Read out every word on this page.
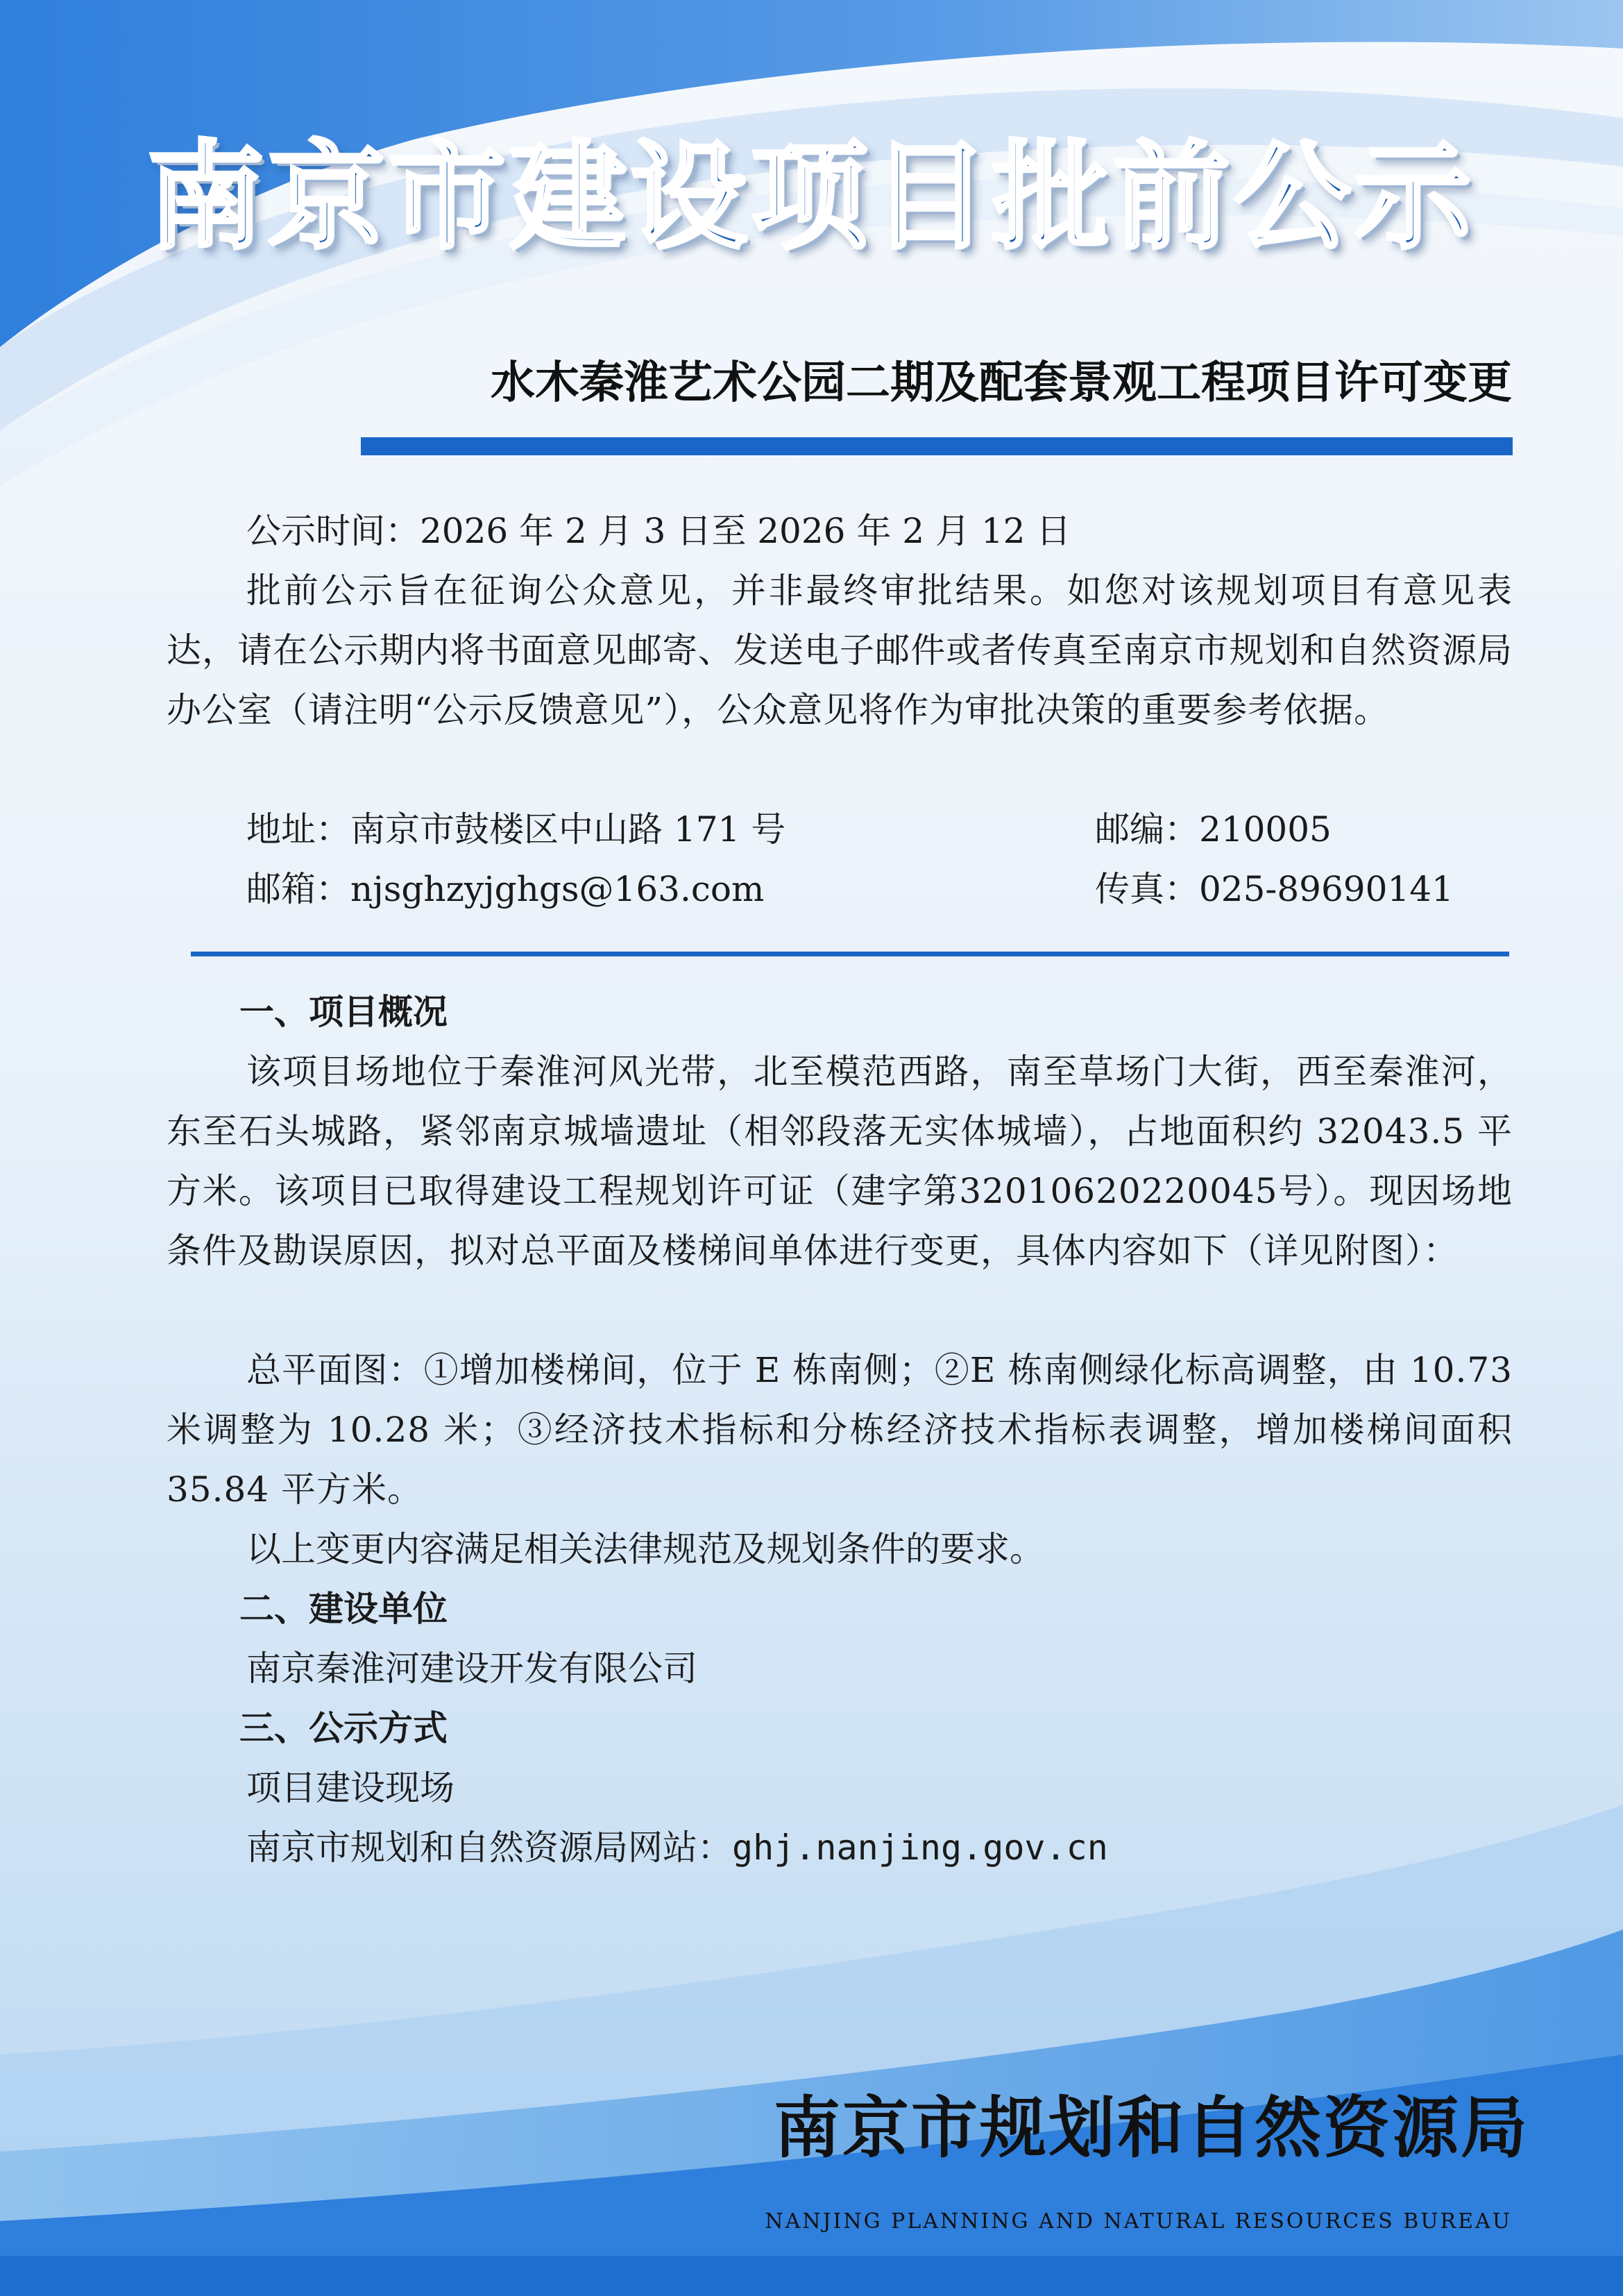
南京市建设项目批前公示
水木秦淮艺术公园二期及配套景观工程项目许可变更
公示时间：2026 年 2 月 3 日至 2026 年 2 月 12 日
批前公示旨在征询公众意见，并非最终审批结果。如您对该规划项目有意见表达，请在公示期内将书面意见邮寄、发送电子邮件或者传真至南京市规划和自然资源局办公室（请注明“公示反馈意见”），公众意见将作为审批决策的重要参考依据。
地址：南京市鼓楼区中山路 171 号	邮编：210005
邮箱：njsghzyjghgs@163.com	传真：025-89690141
一、项目概况
该项目场地位于秦淮河风光带，北至模范西路，南至草场门大街，西至秦淮河，东至石头城路，紧邻南京城墙遗址（相邻段落无实体城墙），占地面积约 32043.5 平方米。该项目已取得建设工程规划许可证（建字第32010620220045号）。现因场地条件及勘误原因，拟对总平面及楼梯间单体进行变更，具体内容如下（详见附图）：
总平面图：①增加楼梯间，位于 E 栋南侧；②E 栋南侧绿化标高调整，由 10.73 米调整为 10.28 米；③经济技术指标和分栋经济技术指标表调整，增加楼梯间面积 35.84 平方米。
以上变更内容满足相关法律规范及规划条件的要求。
二、建设单位
南京秦淮河建设开发有限公司
三、公示方式
项目建设现场
南京市规划和自然资源局网站：ghj.nanjing.gov.cn
南京市规划和自然资源局
NANJING PLANNING AND NATURAL RESOURCES BUREAU
